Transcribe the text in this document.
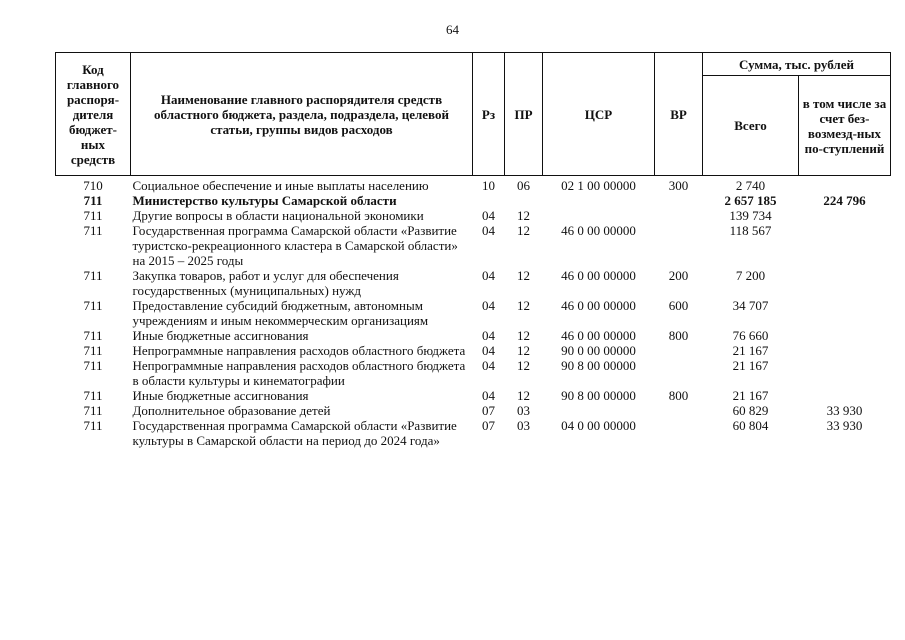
64
Код главного распоря-дителя бюджет-ных средств	Наименование главного распорядителя средств областного бюджета, раздела, подраздела, целевой статьи, группы видов расходов	Рз	ПР	ЦСР	ВР	Сумма, тыс. рублей	
						Всего	в том числе за счет без-возмезд-ных по-ступлений
710	Социальное обеспечение и иные выплаты населению	10	06	02 1 00 00000	300	2 740	
711	Министерство культуры Самарской области					2 657 185	224 796
711	Другие вопросы в области национальной экономики	04	12			139 734	
711	Государственная программа Самарской области «Развитие туристско-рекреационного кластера в Самарской области» на 2015 – 2025 годы	04	12	46 0 00 00000		118 567	
711	Закупка товаров, работ и услуг для обеспечения государственных (муниципальных) нужд	04	12	46 0 00 00000	200	7 200	
711	Предоставление субсидий бюджетным, автономным учреждениям и иным некоммерческим организациям	04	12	46 0 00 00000	600	34 707	
711	Иные бюджетные ассигнования	04	12	46 0 00 00000	800	76 660	
711	Непрограммные направления расходов областного бюджета	04	12	90 0 00 00000		21 167	
711	Непрограммные направления расходов областного бюджета в области культуры и кинематографии	04	12	90 8 00 00000		21 167	
711	Иные бюджетные ассигнования	04	12	90 8 00 00000	800	21 167	
711	Дополнительное образование детей	07	03			60 829	33 930
711	Государственная программа Самарской области «Развитие культуры в Самарской области на период до 2024 года»	07	03	04 0 00 00000		60 804	33 930
